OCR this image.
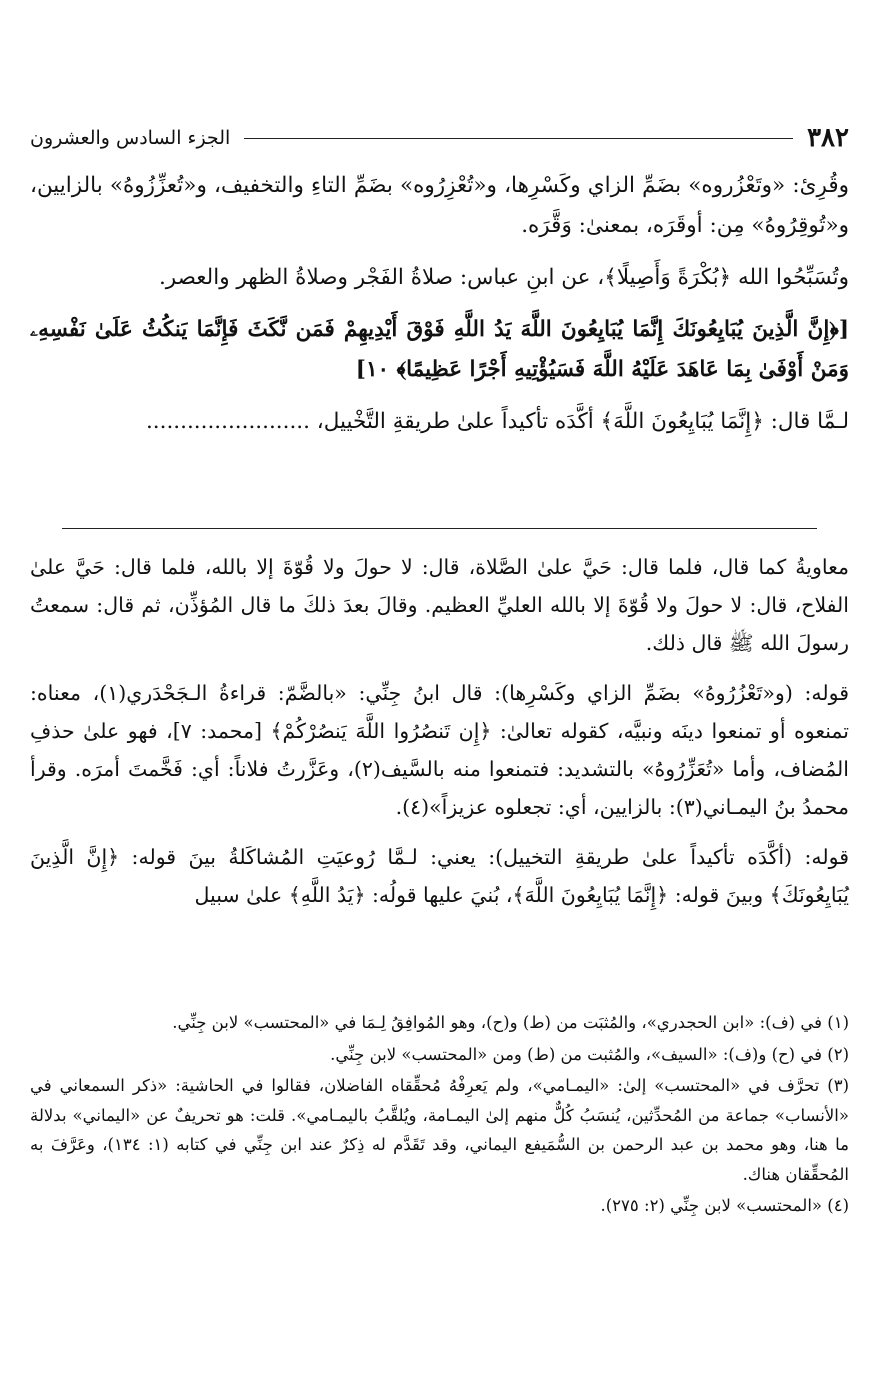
٣٨٢
الجزء السادس والعشرون

وقُرِئ: «وتَعْزُروه» بضَمِّ الزاي وكَسْرِها، و«تُعْزِرُوه» بضَمِّ التاءِ والتخفيف، و«تُعزِّزُوهُ» بالزايين، و«تُوقِرُوهُ» مِن: أوقَرَه، بمعنىٰ: وَقَّرَه.

وتُسَبِّحُوا الله ﴿بُكْرَةً وَأَصِيلًا﴾، عن ابنِ عباس: صلاةُ الفَجْر وصلاةُ الظهر والعصر.

[﴿إِنَّ الَّذِينَ يُبَايِعُونَكَ إِنَّمَا يُبَايِعُونَ اللَّهَ يَدُ اللَّهِ فَوْقَ أَيْدِيهِمْ فَمَن نَّكَثَ فَإِنَّمَا يَنكُثُ عَلَىٰ نَفْسِهِۦ وَمَنْ أَوْفَىٰ بِمَا عَاهَدَ عَلَيْهُ اللَّهَ فَسَيُؤْتِيهِ أَجْرًا عَظِيمًا﴾ ١٠]

لـمَّا قال: ﴿إِنَّمَا يُبَايِعُونَ اللَّهَ﴾ أكَّدَه تأكيداً علىٰ طريقةِ التَّخْييل، ........................

معاويةُ كما قال، فلما قال: حَيَّ علىٰ الصَّلاة، قال: لا حولَ ولا قُوّةَ إلا بالله، فلما قال: حَيَّ علىٰ الفلاح، قال: لا حولَ ولا قُوّةَ إلا بالله العليِّ العظيم. وقالَ بعدَ ذلكَ ما قال المُؤذِّن، ثم قال: سمعتُ رسولَ الله ﷺ قال ذلك.

قوله: (و«تَعْزُرُوهُ» بضَمِّ الزاي وكَسْرِها): قال ابنُ جِنِّي: «بالضَّمّ: قراءةُ الـجَحْدَري(١)، معناه: تمنعوه أو تمنعوا دينَه ونبيَّه، كقوله تعالىٰ: ﴿إِن تَنصُرُوا اللَّهَ يَنصُرْكُمْ﴾ [محمد: ٧]، فهو علىٰ حذفِ المُضاف، وأما «تُعَزِّرُوهُ» بالتشديد: فتمنعوا منه بالسَّيف(٢)، وعَزَّرتُ فلاناً: أي: فَخَّمتَ أمرَه. وقرأ محمدُ بنُ اليمـاني(٣): بالزايين، أي: تجعلوه عزيزاً»(٤).

قوله: (أكَّدَه تأكيداً علىٰ طريقةِ التخييل): يعني: لـمَّا رُوعيَتِ المُشاكَلةُ بينَ قوله: ﴿إِنَّ الَّذِينَ يُبَايِعُونَكَ﴾ وبينَ قوله: ﴿إِنَّمَا يُبَايِعُونَ اللَّهَ﴾، بُنيَ عليها قولُه: ﴿يَدُ اللَّهِ﴾ علىٰ سبيل

(١) في (ف): «ابن الحجدري»، والمُثبَت من (ط) و(ح)، وهو المُوافِقُ لِـمَا في «المحتسب» لابن جِنِّي.

(٢) في (ح) و(ف): «السيف»، والمُثبت من (ط) ومن «المحتسب» لابن جِنِّي.

(٣) تحرَّف في «المحتسب» إلىٰ: «اليمـامي»، ولم يَعرِفْهُ مُحقِّقاه الفاضلان، فقالوا في الحاشية: «ذكر السمعاني في «الأنساب» جماعة من المُحدِّثين، يُنسَبُ كُلٌّ منهم إلىٰ اليمـامة، ويُلقَّبُ باليمـامي». قلت: هو تحريفٌ عن «اليماني» بدلالة ما هنا، وهو محمد بن عبد الرحمن بن السُّمَيفع اليماني، وقد تَقَدَّم له ذِكرٌ عند ابن جِنِّي في كتابه (١: ١٣٤)، وعَرَّفَ به المُحقِّقان هناك.

(٤) «المحتسب» لابن جِنِّي (٢: ٢٧٥).
